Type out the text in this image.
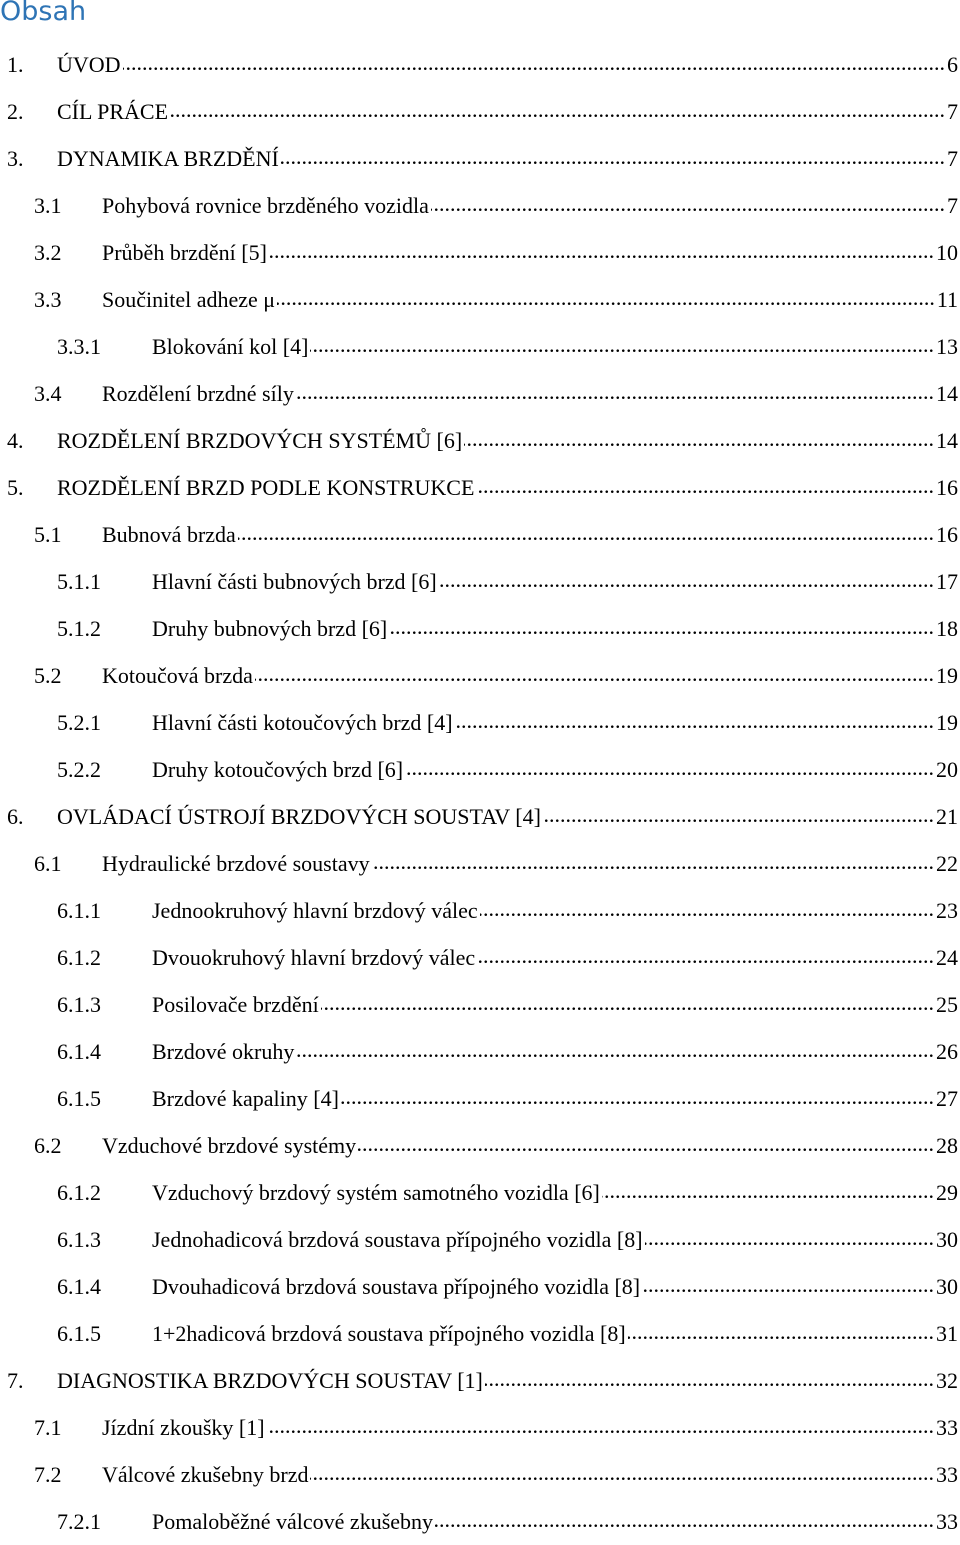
Obsah
1.	ÚVOD .....	6
2.	CÍL PRÁCE .....	7
3.	DYNAMIKA BRZDĚNÍ .....	7
3.1	Pohybová rovnice brzděného vozidla .....	7
3.2	Průběh brzdění [5] .....	10
3.3	Součinitel adheze μ .....	11
3.3.1	Blokování kol [4] .....	13
3.4	Rozdělení brzdné síly .....	14
4.	ROZDĚLENÍ BRZDOVÝCH SYSTÉMŮ [6] .....	14
5.	ROZDĚLENÍ BRZD PODLE KONSTRUKCE .....	16
5.1	Bubnová brzda .....	16
5.1.1	Hlavní části bubnových brzd [6] .....	17
5.1.2	Druhy bubnových brzd [6] .....	18
5.2	Kotoučová brzda .....	19
5.2.1	Hlavní části kotoučových brzd [4] .....	19
5.2.2	Druhy kotoučových brzd [6] .....	20
6.	OVLÁDACÍ ÚSTROJÍ BRZDOVÝCH SOUSTAV [4] .....	21
6.1	Hydraulické brzdové soustavy .....	22
6.1.1	Jednookruhový hlavní brzdový válec .....	23
6.1.2	Dvouokruhový hlavní brzdový válec .....	24
6.1.3	Posilovače brzdění .....	25
6.1.4	Brzdové okruhy .....	26
6.1.5	Brzdové kapaliny [4] .....	27
6.2	Vzduchové brzdové systémy .....	28
6.1.2	Vzduchový brzdový systém samotného vozidla [6] .....	29
6.1.3	Jednohadicová brzdová soustava přípojného vozidla [8] .....	30
6.1.4	Dvouhadicová brzdová soustava přípojného vozidla [8] .....	30
6.1.5	1+2hadicová brzdová soustava přípojného vozidla [8] .....	31
7.	DIAGNOSTIKA BRZDOVÝCH SOUSTAV [1] .....	32
7.1	Jízdní zkoušky [1] .....	33
7.2	Válcové zkušebny brzd .....	33
7.2.1	Pomaloběžné válcové zkušebny .....	33
